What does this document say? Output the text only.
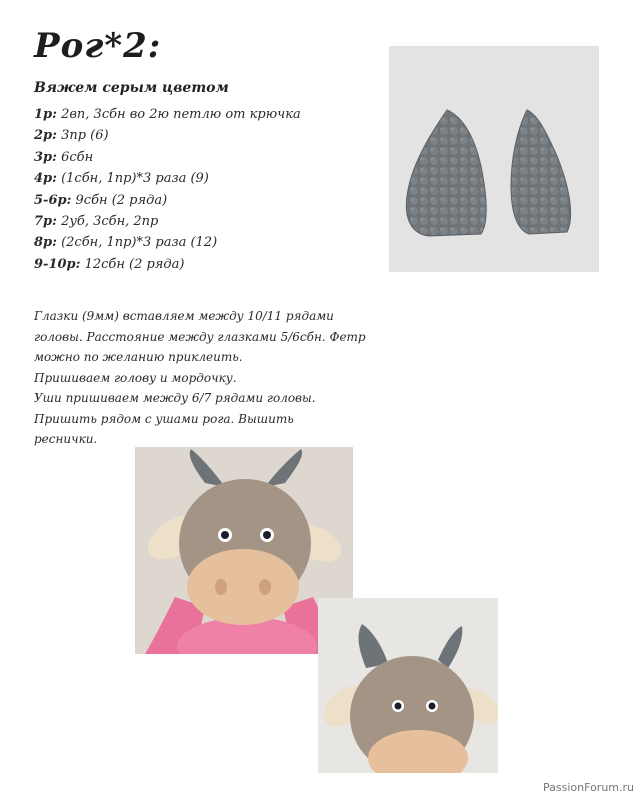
Рог*2:
Вяжем серым цветом
1р: 2вп, 3сбн во 2ю петлю от крючка
2р: 3пр (6)
3р: 6сбн
4р: (1сбн, 1пр)*3 раза (9)
5-6р: 9сбн (2 ряда)
7р: 2уб, 3сбн, 2пр
8р: (2сбн, 1пр)*3 раза (12)
9-10р: 12сбн (2 ряда)
Глазки (9мм) вставляем между 10/11 рядами
головы. Расстояние между глазками 5/6сбн. Фетр
можно по желанию приклеить.
Пришиваем голову и мордочку.
Уши пришиваем между 6/7 рядами головы.
Пришить рядом с ушами рога. Вышить
реснички.
PassionForum.ru
